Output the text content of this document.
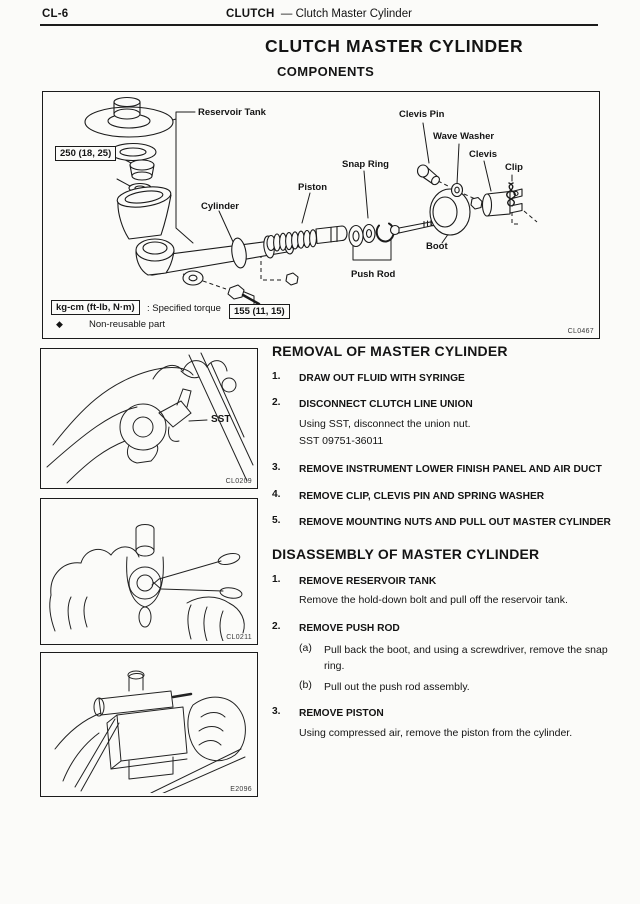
CL-6	CLUTCH — Clutch Master Cylinder
CLUTCH MASTER CYLINDER
COMPONENTS
Reservoir Tank
250 (18, 25)
Cylinder
Piston
Snap Ring
Push Rod
Boot
Clevis Pin
Wave Washer
Clevis
Clip
155 (11, 15)
kg-cm (ft-lb, N·m)	: Specified torque
◆	Non-reusable part
CL0467
SST
CL0209
CL0211
E2096
REMOVAL OF MASTER CYLINDER
1.	DRAW OUT FLUID WITH SYRINGE
2.	DISCONNECT CLUTCH LINE UNION
Using SST, disconnect the union nut.
SST 09751-36011
3.	REMOVE INSTRUMENT LOWER FINISH PANEL AND AIR DUCT
4.	REMOVE CLIP, CLEVIS PIN AND SPRING WASHER
5.	REMOVE MOUNTING NUTS AND PULL OUT MASTER CYLINDER
DISASSEMBLY OF MASTER CYLINDER
1.	REMOVE RESERVOIR TANK
Remove the hold-down bolt and pull off the reservoir tank.
2.	REMOVE PUSH ROD
(a)	Pull back the boot, and using a screwdriver, remove the snap ring.
(b)	Pull out the push rod assembly.
3.	REMOVE PISTON
Using compressed air, remove the piston from the cylinder.
